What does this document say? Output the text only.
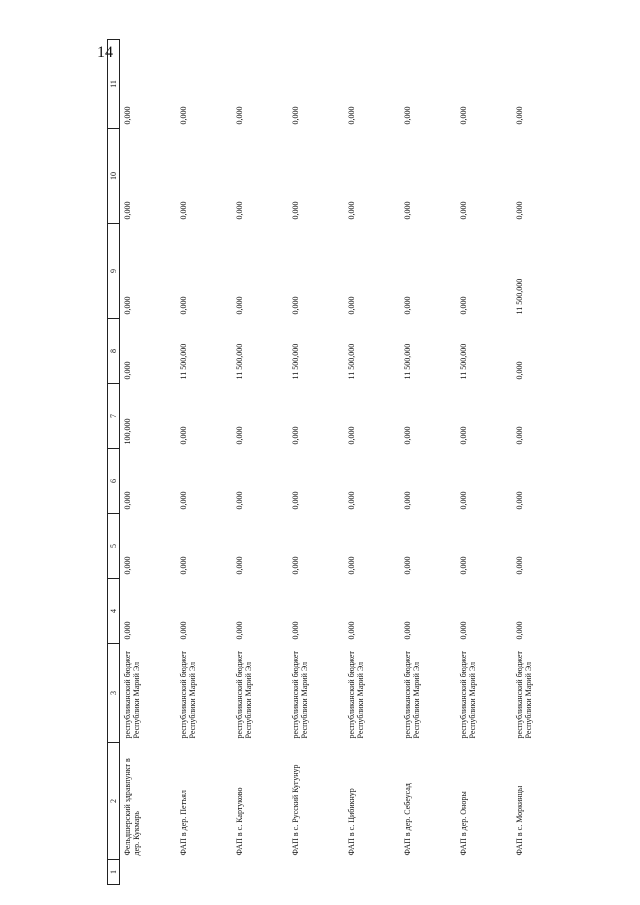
14
1	2	3	4	5	6	7	8	9	10	11
	Фельдшерский здравпункт в дер. Кукмарь	республиканский бюджет Республики Марий Эл	0,000	0,000	0,000	100,000	0,000	0,000	0,000	0,000
	ФАП в дер. Петъял	республиканский бюджет Республики Марий Эл	0,000	0,000	0,000	0,000	11 500,000	0,000	0,000	0,000
	ФАП в с. Картуково	республиканский бюджет Республики Марий Эл	0,000	0,000	0,000	0,000	11 500,000	0,000	0,000	0,000
	ФАП в с. Русский Кугунур	республиканский бюджет Республики Марий Эл	0,000	0,000	0,000	0,000	11 500,000	0,000	0,000	0,000
	ФАП в с. Цибикнур	республиканский бюджет Республики Марий Эл	0,000	0,000	0,000	0,000	11 500,000	0,000	0,000	0,000
	ФАП в дер. Себеусад	республиканский бюджет Республики Марий Эл	0,000	0,000	0,000	0,000	11 500,000	0,000	0,000	0,000
	ФАП в дер. Оноры	республиканский бюджет Республики Марий Эл	0,000	0,000	0,000	0,000	11 500,000	0,000	0,000	0,000
	ФАП в с. Моркинцы	республиканский бюджет Республики Марий Эл	0,000	0,000	0,000	0,000	0,000	11 500,000	0,000	0,000
